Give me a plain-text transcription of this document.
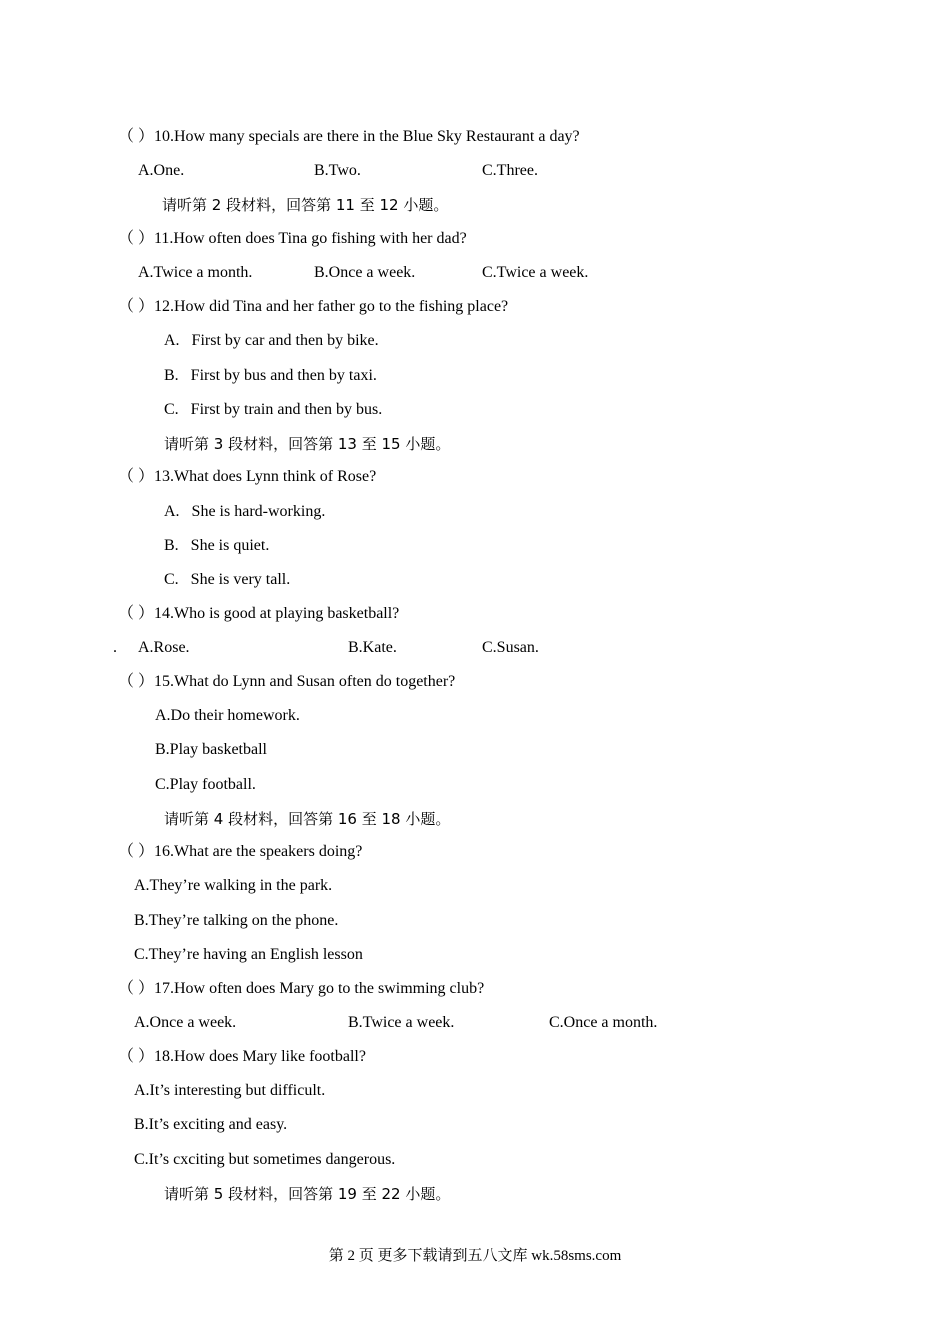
（ ）10.How many specials are there in the Blue Sky Restaurant a day?
A.One.	B.Two.	C.Three.
请听第 2 段材料，回答第 11 至 12 小题。
（ ）11.How often does Tina go fishing with her dad?
A.Twice a month.	B.Once a week.	C.Twice a week.
（ ）12.How did Tina and her father go to the fishing place?
A.   First by car and then by bike.
B.   First by bus and then by taxi.
C.   First by train and then by bus.
请听第 3 段材料，回答第 13 至 15 小题。
（ ）13.What does Lynn think of Rose?
A.   She is hard-working.
B.   She is quiet.
C.   She is very tall.
（ ）14.Who is good at playing basketball?
. A.Rose.	B.Kate.	C.Susan.
（ ）15.What do Lynn and Susan often do together?
A.Do their homework.
B.Play basketball
C.Play football.
请听第 4 段材料，回答第 16 至 18 小题。
（ ）16.What are the speakers doing?
A.They’re walking in the park.
B.They’re talking on the phone.
C.They’re having an English lesson
（ ）17.How often does Mary go to the swimming club?
A.Once a week.	B.Twice a week.	C.Once a month.
（ ）18.How does Mary like football?
A.It’s interesting but difficult.
B.It’s exciting and easy.
C.It’s cxciting but sometimes dangerous.
请听第 5 段材料，回答第 19 至 22 小题。
第 2 页 更多下载请到五八文库 wk.58sms.com
